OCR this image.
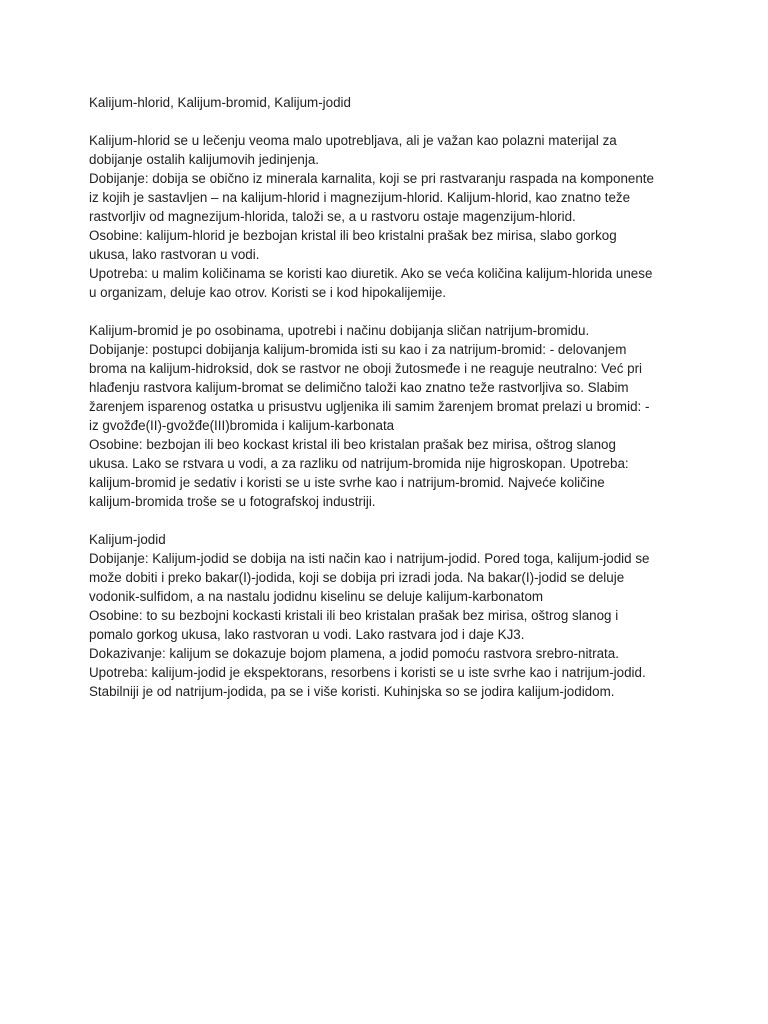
Kalijum-hlorid, Kalijum-bromid, Kalijum-jodid

Kalijum-hlorid se u lečenju veoma malo upotrebljava, ali je važan kao polazni materijal za
dobijanje ostalih kalijumovih jedinjenja.

Dobijanje: dobija se obično iz minerala karnalita, koji se pri rastvaranju raspada na komponente
iz kojih je sastavljen – na kalijum-hlorid i magnezijum-hlorid. Kalijum-hlorid, kao znatno teže
rastvorljiv od magnezijum-hlorida, taloži se, a u rastvoru ostaje magenzijum-hlorid.

Osobine: kalijum-hlorid je bezbojan kristal ili beo kristalni prašak bez mirisa, slabo gorkog
ukusa, lako rastvoran u vodi.

Upotreba: u malim količinama se koristi kao diuretik. Ako se veća količina kalijum-hlorida unese
u organizam, deluje kao otrov. Koristi se i kod hipokalijemije.

Kalijum-bromid je po osobinama, upotrebi i načinu dobijanja sličan natrijum-bromidu.

Dobijanje: postupci dobijanja kalijum-bromida isti su kao i za natrijum-bromid: - delovanjem
broma na kalijum-hidroksid, dok se rastvor ne oboji žutosmeđe i ne reaguje neutralno: Već pri
hlađenju rastvora kalijum-bromat se delimično taloži kao znatno teže rastvorljiva so. Slabim
žarenjem isparenog ostatka u prisustvu ugljenika ili samim žarenjem bromat prelazi u bromid: -
iz gvožđe(II)-gvožđe(III)bromida i kalijum-karbonata

Osobine: bezbojan ili beo kockast kristal ili beo kristalan prašak bez mirisa, oštrog slanog
ukusa. Lako se rstvara u vodi, a za razliku od natrijum-bromida nije higroskopan. Upotreba:
kalijum-bromid je sedativ i koristi se u iste svrhe kao i natrijum-bromid. Najveće količine
kalijum-bromida troše se u fotografskoj industriji.

Kalijum-jodid

Dobijanje: Kalijum-jodid se dobija na isti način kao i natrijum-jodid. Pored toga, kalijum-jodid se
može dobiti i preko bakar(I)-jodida, koji se dobija pri izradi joda. Na bakar(I)-jodid se deluje
vodonik-sulfidom, a na nastalu jodidnu kiselinu se deluje kalijum-karbonatom

Osobine: to su bezbojni kockasti kristali ili beo kristalan prašak bez mirisa, oštrog slanog i
pomalo gorkog ukusa, lako rastvoran u vodi. Lako rastvara jod i daje KJ3.

Dokazivanje: kalijum se dokazuje bojom plamena, a jodid pomoću rastvora srebro-nitrata.

Upotreba: kalijum-jodid je ekspektorans, resorbens i koristi se u iste svrhe kao i natrijum-jodid.
Stabilniji je od natrijum-jodida, pa se i više koristi. Kuhinjska so se jodira kalijum-jodidom.
